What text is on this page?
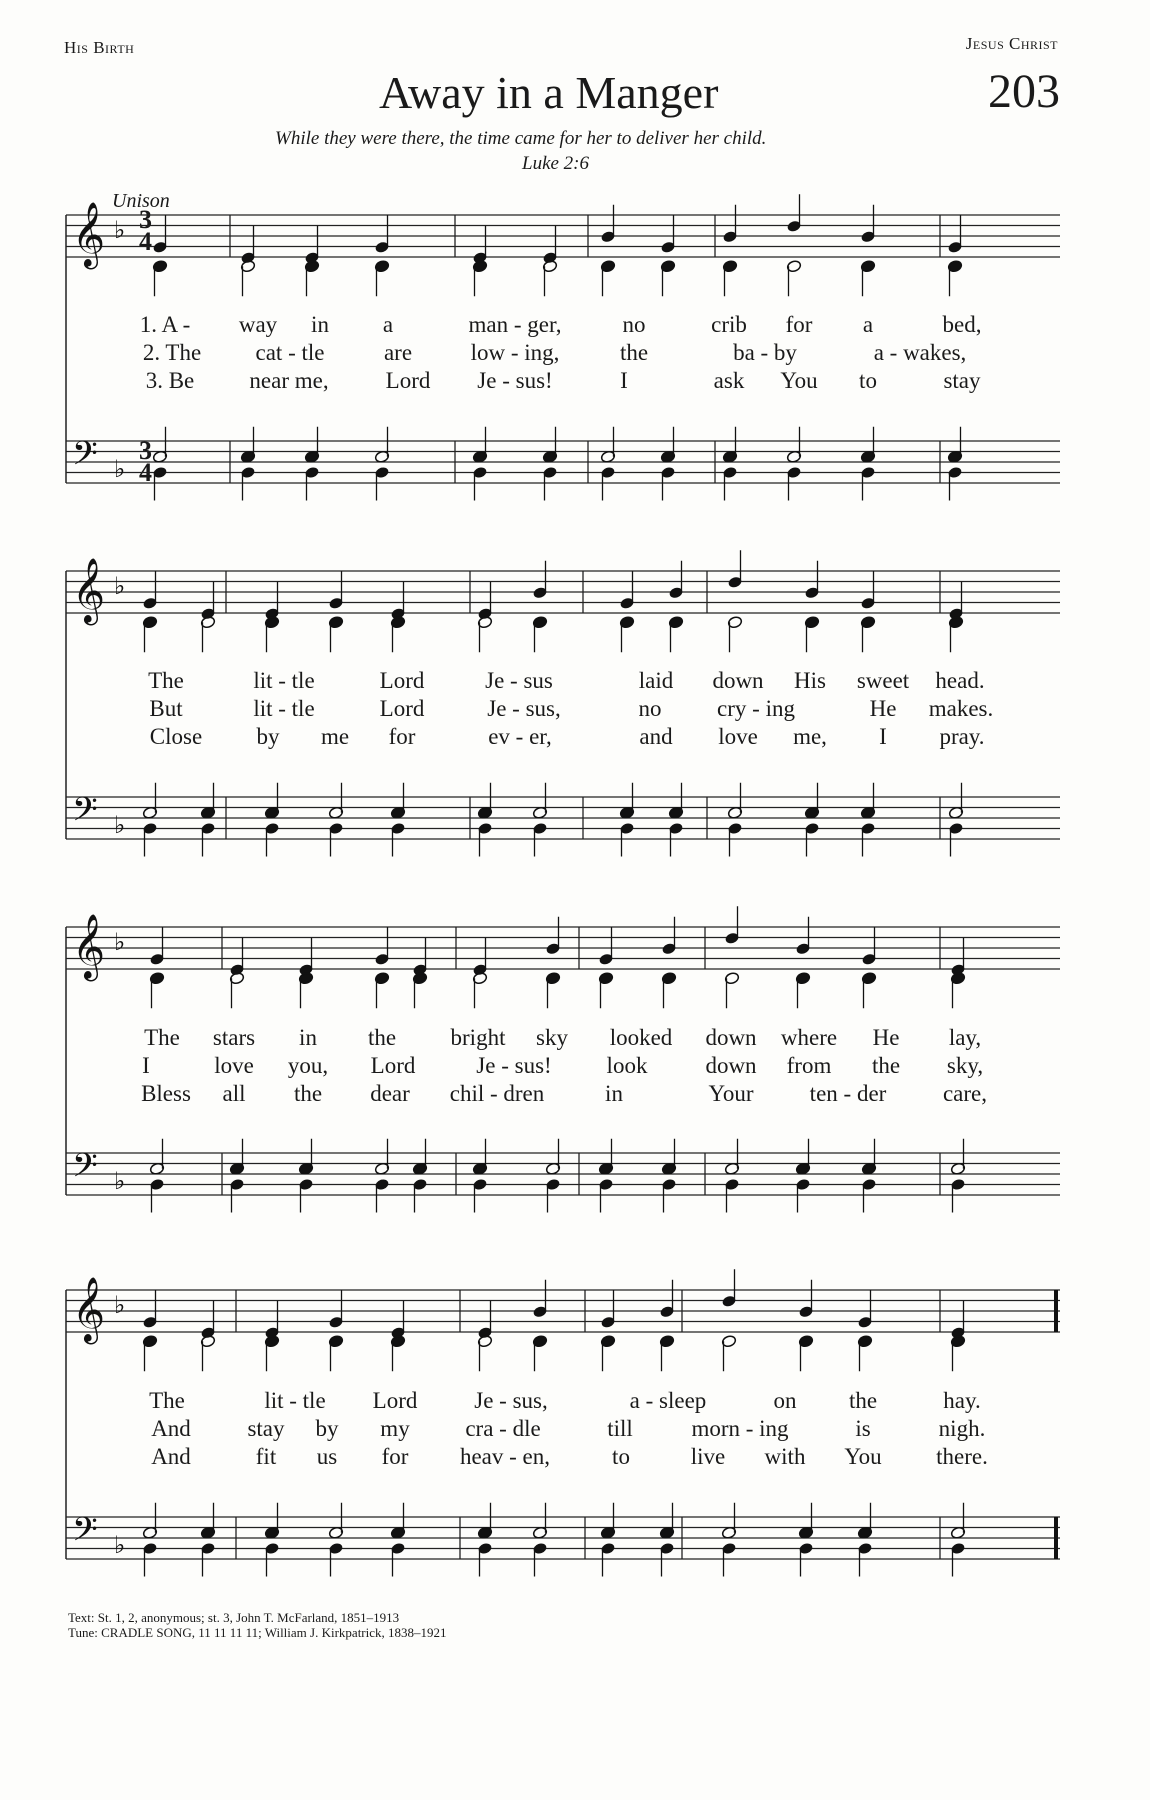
His Birth	Jesus Christ
Away in a Manger	203
While they were there, the time came for her to deliver her child.
Luke 2:6
Unison
3
4
3
4
𝄞 ♭
𝄢 ♭
𝄞 ♭
𝄢 ♭
𝄞 ♭
𝄢 ♭
𝄞 ♭
𝄢 ♭
1. A - way in a	man - ger,	no	crib for a	bed,
2. The cat - tle	are	low - ing,	the	ba - by	a - wakes,
3. Be near me, Lord Je - sus!	I	ask You to	stay
The	lit - tle	Lord	Je - sus	laid down His sweet head.
But	lit - tle	Lord	Je - sus,	no cry - ing	He makes.
Close by me for	ev - er,	and love me, I pray.
The stars in the bright sky looked down where He lay,
I	love you, Lord	Je - sus! look	down from the sky,
Bless all the dear chil - dren	in	Your ten - der care,
The	lit - tle Lord Je - sus,	a - sleep	on the	hay.
And stay by my cra - dle	till	morn - ing	is	nigh.
And	fit us for heav - en,	to	live with You there.
Text: St. 1, 2, anonymous; st. 3, John T. McFarland, 1851–1913
Tune: CRADLE SONG, 11 11 11 11; William J. Kirkpatrick, 1838–1921
